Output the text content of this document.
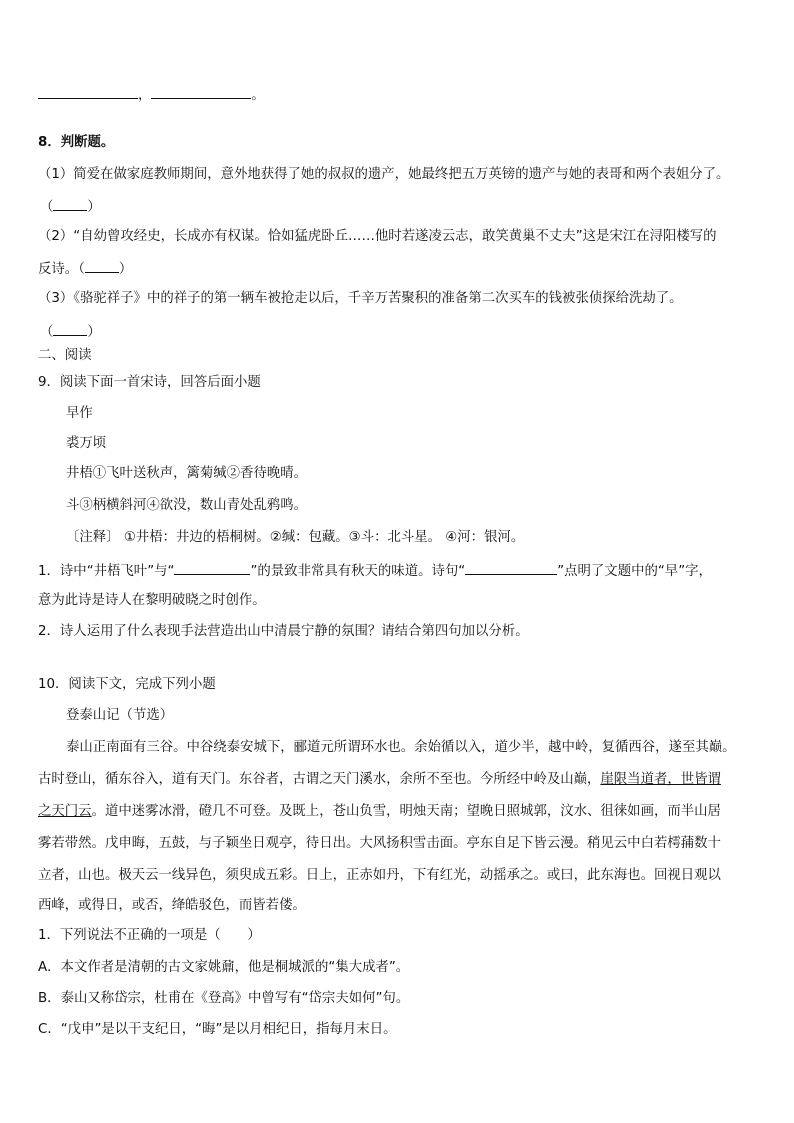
，	。
8．判断题。
（1）简爱在做家庭教师期间，意外地获得了她的叔叔的遗产，她最终把五万英镑的遗产与她的表哥和两个表姐分了。
（	）
（2）“自幼曾攻经史，长成亦有权谋。恰如猛虎卧丘……他时若遂凌云志，敢笑黄巢不丈夫”这是宋江在浔阳楼写的
反诗。（	）
（3）《骆驼祥子》中的祥子的第一辆车被抢走以后，千辛万苦聚积的准备第二次买车的钱被张侦探给洗劫了。
（	）
二、阅读
9．阅读下面一首宋诗，回答后面小题
早作
裘万顷
井梧①飞叶送秋声，篱菊缄②香待晚晴。
斗③柄横斜河④欲没，数山青处乱鸦鸣。
〔注释〕 ①井梧：井边的梧桐树。②缄：包藏。③斗：北斗星。 ④河：银河。
1．诗中“井梧飞叶”与“	”的景致非常具有秋天的味道。诗句“	”点明了文题中的“早”字，
意为此诗是诗人在黎明破晓之时创作。
2．诗人运用了什么表现手法营造出山中清晨宁静的氛围？请结合第四句加以分析。
10．阅读下文，完成下列小题
登泰山记（节选）
泰山正南面有三谷。中谷绕泰安城下，郦道元所谓环水也。余始循以入，道少半，越中岭，复循西谷，遂至其巅。
古时登山，循东谷入，道有天门。东谷者，古谓之天门溪水，余所不至也。今所经中岭及山巅，崖限当道者，世皆谓
之天门云。道中迷雾冰滑，磴几不可登。及既上，苍山负雪，明烛天南；望晚日照城郭，汶水、徂徕如画，而半山居
雾若带然。戊申晦，五鼓，与子颖坐日观亭，待日出。大风扬积雪击面。亭东自足下皆云漫。稍见云中白若樗蒱数十
立者，山也。极天云一线异色，须臾成五彩。日上，正赤如丹，下有红光，动摇承之。或曰，此东海也。回视日观以
西峰，或得日，或否，绛皓驳色，而皆若偻。
1．下列说法不正确的一项是（　　）
A．本文作者是清朝的古文家姚鼐，他是桐城派的“集大成者”。
B．泰山又称岱宗，杜甫在《登高》中曾写有“岱宗夫如何”句。
C．“戊申”是以干支纪日，“晦”是以月相纪日，指每月末日。
